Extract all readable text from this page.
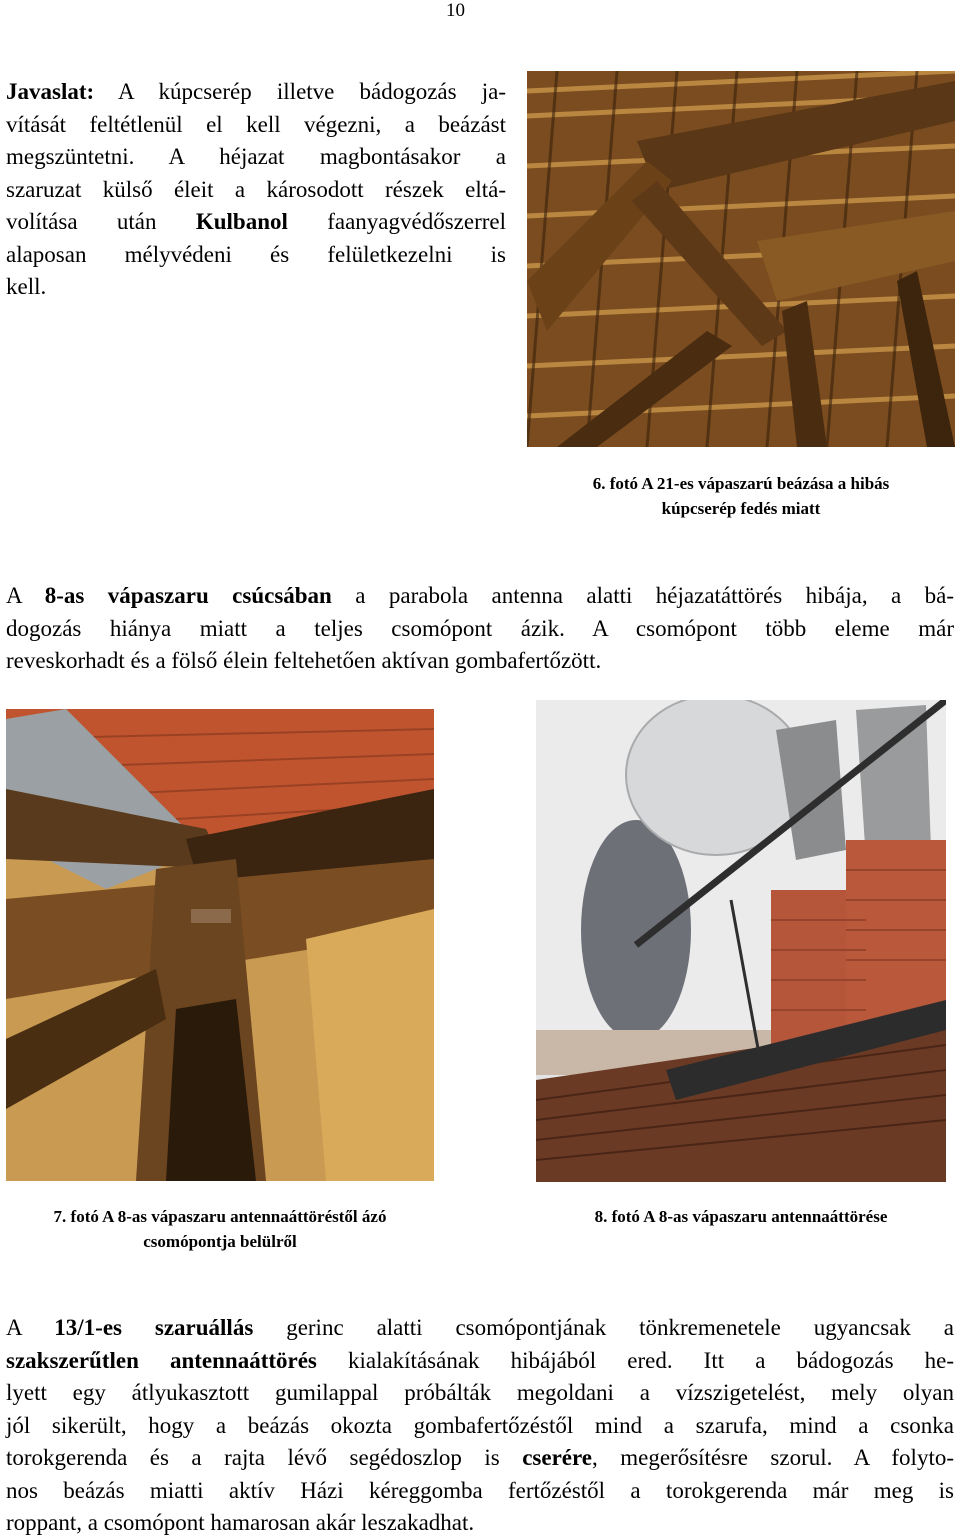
10
Javaslat: A kúpcserép illetve bádogozás ja-
vítását feltétlenül el kell végezni, a beázást
megszüntetni. A héjazat magbontásakor a
szaruzat külső éleit a károsodott részek eltá-
volítása után Kulbanol faanyagvédőszerrel
alaposan mélyvédeni és felületkezelni is
kell.
6. fotó A 21-es vápaszarú beázása a hibás
kúpcserép fedés miatt
A 8-as vápaszaru csúcsában a parabola antenna alatti héjazatáttörés hibája, a bá-
dogozás hiánya miatt a teljes csomópont ázik. A csomópont több eleme már
reveskorhadt és a fölső élein feltehetően aktívan gombafertőzött.
7. fotó A 8-as vápaszaru antennaáttöréstől ázó
csomópontja belülről
8. fotó A 8-as vápaszaru antennaáttörése
A 13/1-es szaruállás gerinc alatti csomópontjának tönkremenetele ugyancsak a
szakszerűtlen antennaáttörés kialakításának hibájából ered. Itt a bádogozás he-
lyett egy átlyukasztott gumilappal próbálták megoldani a vízszigetelést, mely olyan
jól sikerült, hogy a beázás okozta gombafertőzéstől mind a szarufa, mind a csonka
torokgerenda és a rajta lévő segédoszlop is cserére, megerősítésre szorul. A folyto-
nos beázás miatti aktív Házi kéreggomba fertőzéstől a torokgerenda már meg is
roppant, a csomópont hamarosan akár leszakadhat.
